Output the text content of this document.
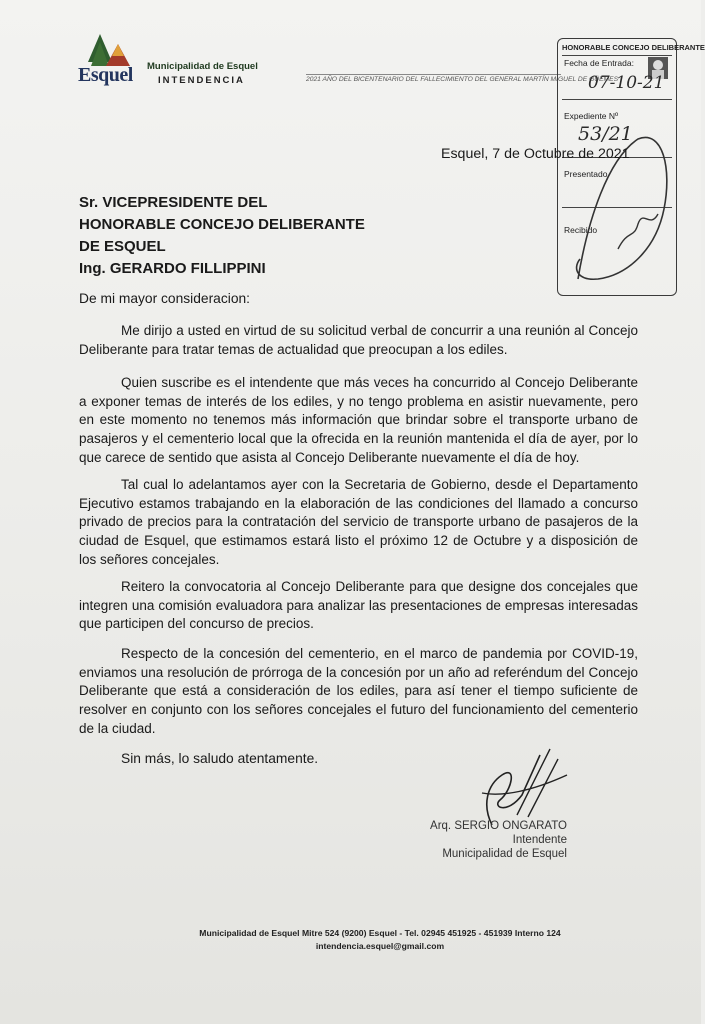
Esquel Municipalidad de Esquel
INTENDENCIA	2021 AÑO DEL BICENTENARIO DEL FALLECIMIENTO DEL GENERAL MARTÍN MIGUEL DE GÜEMES
HONORABLE CONCEJO DELIBERANTE
Fecha de Entrada:
07-10-21
Expediente Nº
53/21
Presentado
Recibido
Esquel, 7 de Octubre de 2021
Sr. VICEPRESIDENTE DEL
HONORABLE CONCEJO DELIBERANTE
DE ESQUEL
Ing. GERARDO FILLIPPINI
De mi mayor consideracion:

Me dirijo a usted en virtud de su solicitud verbal de concurrir a una reunión al Concejo Deliberante para tratar temas de actualidad que preocupan a los ediles.

Quien suscribe es el intendente que más veces ha concurrido al Concejo Deliberante a exponer temas de interés de los ediles, y no tengo problema en asistir nuevamente, pero en este momento no tenemos más información que brindar sobre el transporte urbano de pasajeros y el cementerio local que la ofrecida en la reunión mantenida el día de ayer, por lo que carece de sentido que asista al Concejo Deliberante nuevamente el día de hoy.

Tal cual lo adelantamos ayer con la Secretaria de Gobierno, desde el Departamento Ejecutivo estamos trabajando en la elaboración de las condiciones del llamado a concurso privado de precios para la contratación del servicio de transporte urbano de pasajeros de la ciudad de Esquel, que estimamos estará listo el próximo 12 de Octubre y a disposición de los señores concejales.

Reitero la convocatoria al Concejo Deliberante para que designe dos concejales que integren una comisión evaluadora para analizar las presentaciones de empresas interesadas que participen del concurso de precios.

Respecto de la concesión del cementerio, en el marco de pandemia por COVID-19, enviamos una resolución de prórroga de la concesión por un año ad referéndum del Concejo Deliberante que está a consideración de los ediles, para así tener el tiempo suficiente de resolver en conjunto con los señores concejales el futuro del funcionamiento del cementerio de la ciudad.

Sin más, lo saludo atentamente.
Arq. SERGIO ONGARATO
Intendente
Municipalidad de Esquel
Municipalidad de Esquel Mitre 524 (9200) Esquel - Tel. 02945 451925 - 451939 Interno 124
intendencia.esquel@gmail.com
